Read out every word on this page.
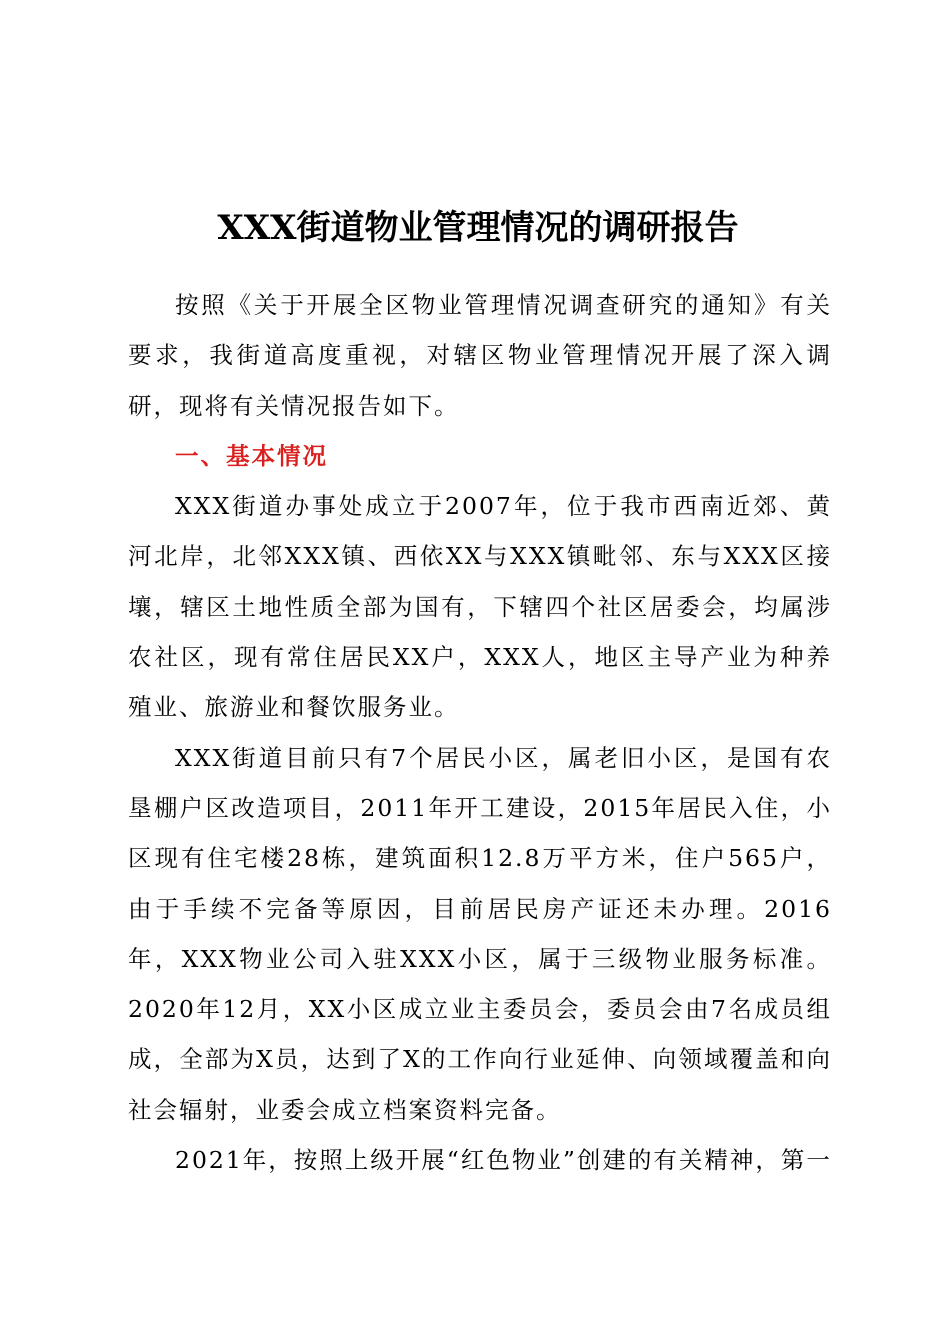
XXX街道物业管理情况的调研报告

按照《关于开展全区物业管理情况调查研究的通知》有关要求，我街道高度重视，对辖区物业管理情况开展了深入调研，现将有关情况报告如下。

一、基本情况

XXX街道办事处成立于2007年，位于我市西南近郊、黄河北岸，北邻XXX镇、西依XX与XXX镇毗邻、东与XXX区接壤，辖区土地性质全部为国有，下辖四个社区居委会，均属涉农社区，现有常住居民XX户，XXX人，地区主导产业为种养殖业、旅游业和餐饮服务业。

XXX街道目前只有7个居民小区，属老旧小区，是国有农垦棚户区改造项目，2011年开工建设，2015年居民入住，小区现有住宅楼28栋，建筑面积12.8万平方米，住户565户，由于手续不完备等原因，目前居民房产证还未办理。2016年，XXX物业公司入驻XXX小区，属于三级物业服务标准。2020年12月，XX小区成立业主委员会，委员会由7名成员组成，全部为X员，达到了X的工作向行业延伸、向领域覆盖和向社会辐射，业委会成立档案资料完备。

2021年，按照上级开展“红色物业”创建的有关精神，第一
